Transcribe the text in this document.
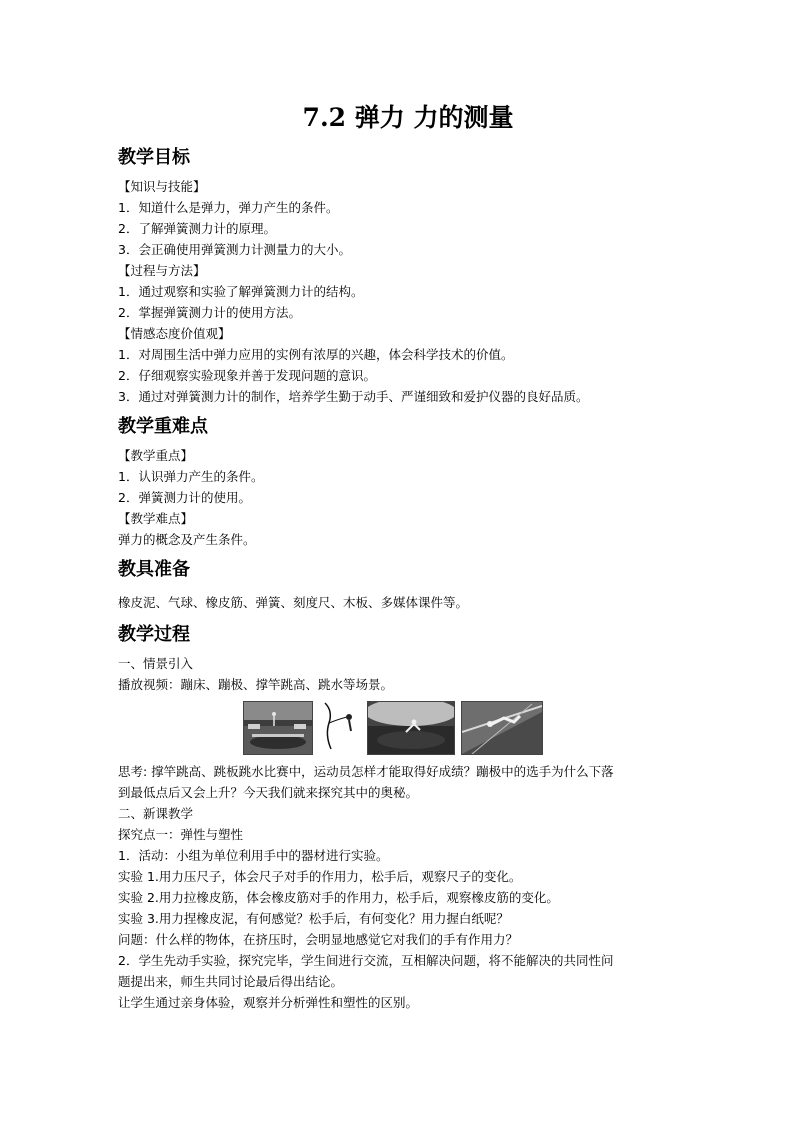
7.2 弹力 力的测量
教学目标

【知识与技能】

1．知道什么是弹力，弹力产生的条件。

2．了解弹簧测力计的原理。

3．会正确使用弹簧测力计测量力的大小。

【过程与方法】

1．通过观察和实验了解弹簧测力计的结构。

2．掌握弹簧测力计的使用方法。

【情感态度价值观】

1．对周围生活中弹力应用的实例有浓厚的兴趣，体会科学技术的价值。

2．仔细观察实验现象并善于发现问题的意识。

3．通过对弹簧测力计的制作，培养学生勤于动手、严谨细致和爱护仪器的良好品质。

教学重难点

【教学重点】

1．认识弹力产生的条件。

2．弹簧测力计的使用。

【教学难点】

弹力的概念及产生条件。

教具准备

橡皮泥、气球、橡皮筋、弹簧、刻度尺、木板、多媒体课件等。

教学过程

一、情景引入

播放视频：蹦床、蹦极、撑竿跳高、跳水等场景。

思考: 撑竿跳高、跳板跳水比赛中，运动员怎样才能取得好成绩？蹦极中的选手为什么下落

到最低点后又会上升？今天我们就来探究其中的奥秘。

二、新课教学

探究点一：弹性与塑性

1．活动：小组为单位利用手中的器材进行实验。

实验 1.用力压尺子，体会尺子对手的作用力，松手后，观察尺子的变化。

实验 2.用力拉橡皮筋，体会橡皮筋对手的作用力，松手后，观察橡皮筋的变化。

实验 3.用力捏橡皮泥，有何感觉？松手后，有何变化？用力握白纸呢？

问题：什么样的物体，在挤压时，会明显地感觉它对我们的手有作用力？

2．学生先动手实验，探究完毕，学生间进行交流，互相解决问题，将不能解决的共同性问

题提出来，师生共同讨论最后得出结论。

让学生通过亲身体验，观察并分析弹性和塑性的区别。
